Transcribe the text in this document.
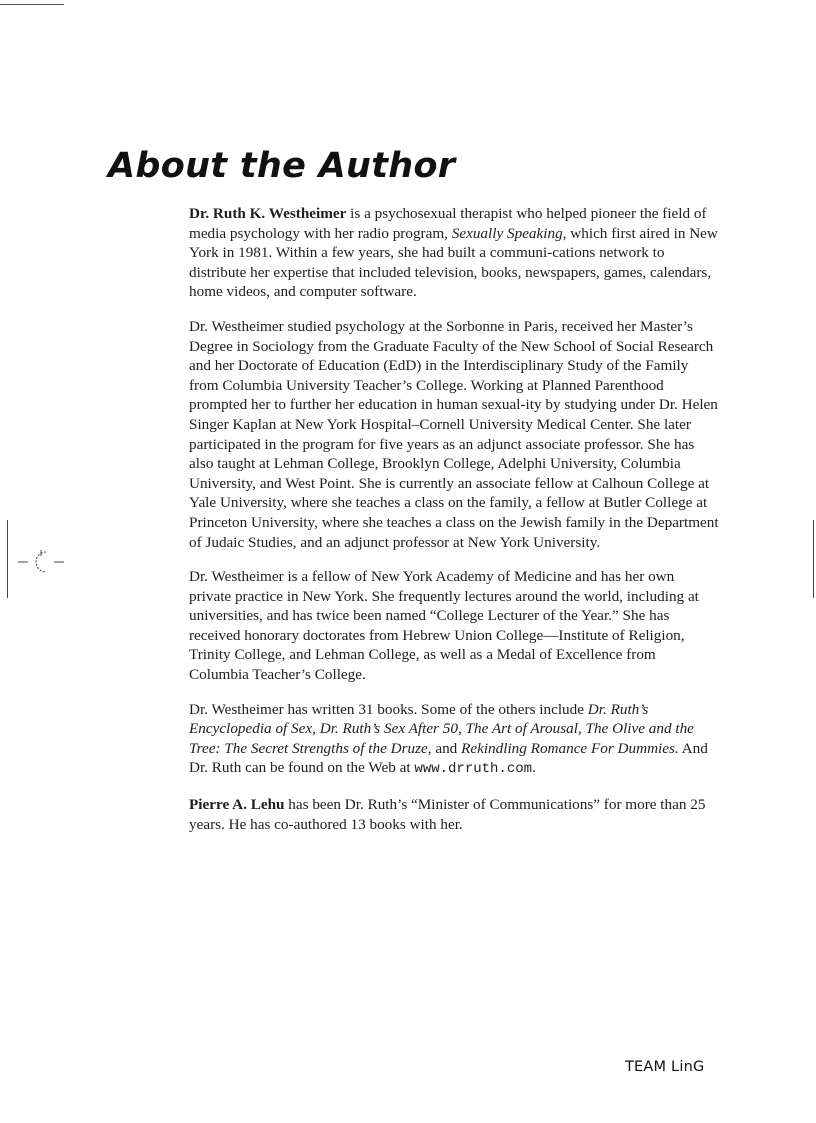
About the Author

Dr. Ruth K. Westheimer is a psychosexual therapist who helped pioneer the field of media psychology with her radio program, Sexually Speaking, which first aired in New York in 1981. Within a few years, she had built a communi-cations network to distribute her expertise that included television, books, newspapers, games, calendars, home videos, and computer software.

Dr. Westheimer studied psychology at the Sorbonne in Paris, received her Master’s Degree in Sociology from the Graduate Faculty of the New School of Social Research and her Doctorate of Education (EdD) in the Interdisciplinary Study of the Family from Columbia University Teacher’s College. Working at Planned Parenthood prompted her to further her education in human sexual-ity by studying under Dr. Helen Singer Kaplan at New York Hospital–Cornell University Medical Center. She later participated in the program for five years as an adjunct associate professor. She has also taught at Lehman College, Brooklyn College, Adelphi University, Columbia University, and West Point. She is currently an associate fellow at Calhoun College at Yale University, where she teaches a class on the family, a fellow at Butler College at Princeton University, where she teaches a class on the Jewish family in the Department of Judaic Studies, and an adjunct professor at New York University.

Dr. Westheimer is a fellow of New York Academy of Medicine and has her own private practice in New York. She frequently lectures around the world, including at universities, and has twice been named “College Lecturer of the Year.” She has received honorary doctorates from Hebrew Union College—Institute of Religion, Trinity College, and Lehman College, as well as a Medal of Excellence from Columbia Teacher’s College.

Dr. Westheimer has written 31 books. Some of the others include Dr. Ruth’s Encyclopedia of Sex, Dr. Ruth’s Sex After 50, The Art of Arousal, The Olive and the Tree: The Secret Strengths of the Druze, and Rekindling Romance For Dummies. And Dr. Ruth can be found on the Web at www.drruth.com.

Pierre A. Lehu has been Dr. Ruth’s “Minister of Communications” for more than 25 years. He has co-authored 13 books with her.

TEAM LinG
